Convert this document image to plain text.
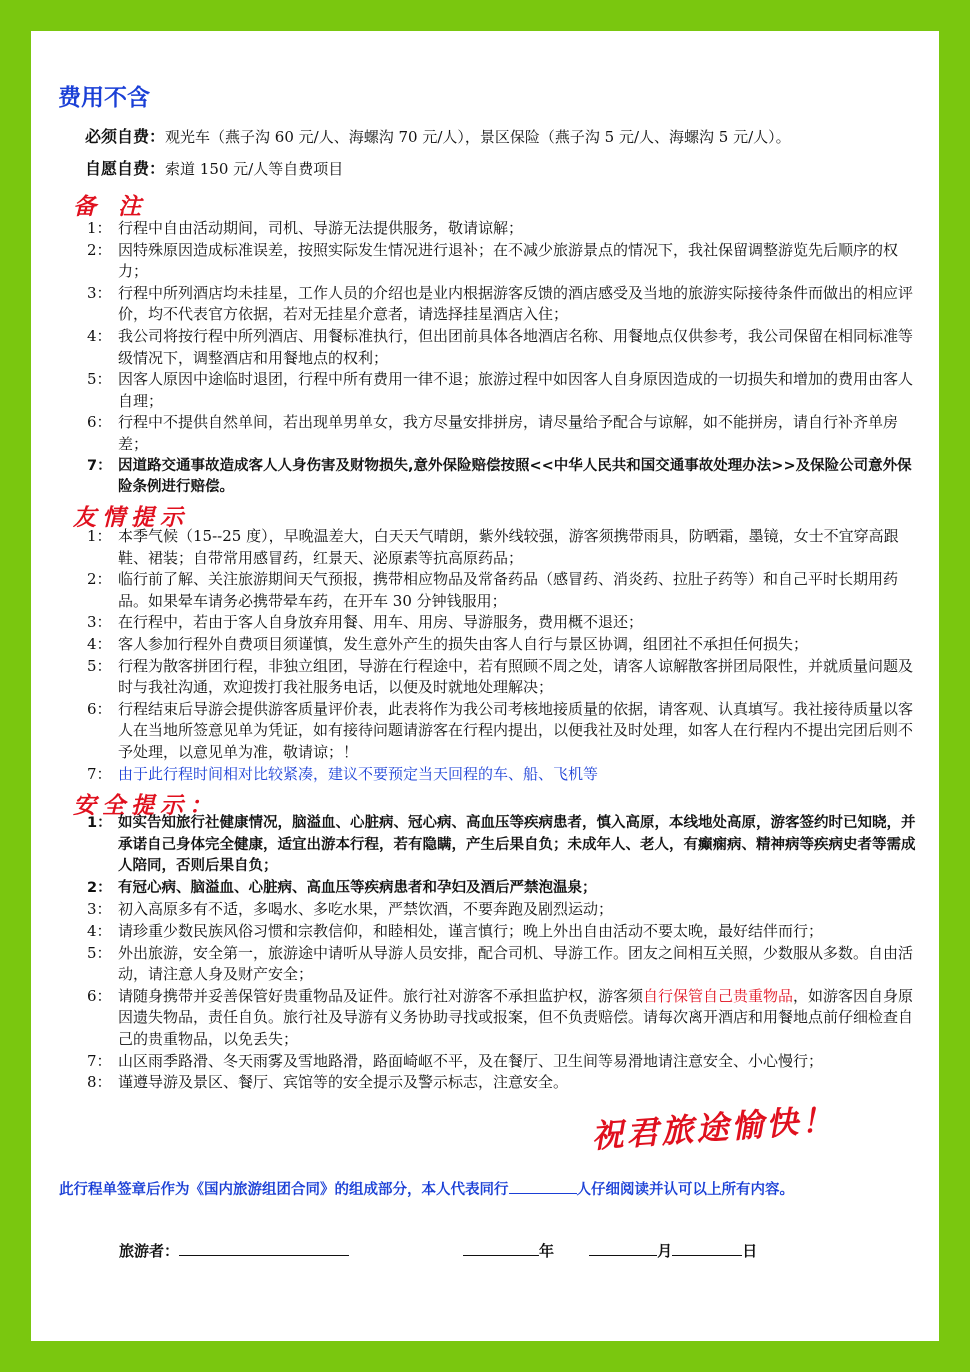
费用不含
必须自费：观光车（燕子沟 60 元/人、海螺沟 70 元/人），景区保险（燕子沟 5 元/人、海螺沟 5 元/人）。
自愿自费：索道 150 元/人等自费项目
备注
1： 行程中自由活动期间，司机、导游无法提供服务，敬请谅解；
2： 因特殊原因造成标准误差，按照实际发生情况进行退补；在不减少旅游景点的情况下，我社保留调整游览先后顺序的权力；
3： 行程中所列酒店均未挂星，工作人员的介绍也是业内根据游客反馈的酒店感受及当地的旅游实际接待条件而做出的相应评价，均不代表官方依据，若对无挂星介意者，请选择挂星酒店入住；
4： 我公司将按行程中所列酒店、用餐标准执行，但出团前具体各地酒店名称、用餐地点仅供参考，我公司保留在相同标准等级情况下，调整酒店和用餐地点的权利；
5： 因客人原因中途临时退团，行程中所有费用一律不退；旅游过程中如因客人自身原因造成的一切损失和增加的费用由客人自理；
6： 行程中不提供自然单间，若出现单男单女，我方尽量安排拼房，请尽量给予配合与谅解，如不能拼房，请自行补齐单房差；
7： 因道路交通事故造成客人人身伤害及财物损失,意外保险赔偿按照<<中华人民共和国交通事故处理办法>>及保险公司意外保险条例进行赔偿。
友情提示
1： 本季气候（15--25 度），早晚温差大，白天天气晴朗，紫外线较强，游客须携带雨具，防晒霜，墨镜，女士不宜穿高跟鞋、裙装；自带常用感冒药，红景天、泌原素等抗高原药品；
2： 临行前了解、关注旅游期间天气预报，携带相应物品及常备药品（感冒药、消炎药、拉肚子药等）和自己平时长期用药品。如果晕车请务必携带晕车药，在开车 30 分钟钱服用；
3： 在行程中，若由于客人自身放弃用餐、用车、用房、导游服务，费用概不退还；
4： 客人参加行程外自费项目须谨慎，发生意外产生的损失由客人自行与景区协调，组团社不承担任何损失；
5： 行程为散客拼团行程，非独立组团，导游在行程途中，若有照顾不周之处，请客人谅解散客拼团局限性，并就质量问题及时与我社沟通，欢迎拨打我社服务电话，以便及时就地处理解决；
6： 行程结束后导游会提供游客质量评价表，此表将作为我公司考核地接质量的依据，请客观、认真填写。我社接待质量以客人在当地所签意见单为凭证，如有接待问题请游客在行程内提出，以便我社及时处理，如客人在行程内不提出完团后则不予处理，以意见单为准，敬请谅；！
7： 由于此行程时间相对比较紧凑，建议不要预定当天回程的车、船、飞机等
安全提示：
1： 如实告知旅行社健康情况，脑溢血、心脏病、冠心病、高血压等疾病患者，慎入高原，本线地处高原，游客签约时已知晓，并承诺自己身体完全健康，适宜出游本行程，若有隐瞒，产生后果自负；未成年人、老人，有癫痫病、精神病等疾病史者等需成人陪同，否则后果自负；
2： 有冠心病、脑溢血、心脏病、高血压等疾病患者和孕妇及酒后严禁泡温泉；
3： 初入高原多有不适，多喝水、多吃水果，严禁饮酒，不要奔跑及剧烈运动；
4： 请珍重少数民族风俗习惯和宗教信仰，和睦相处，谨言慎行；晚上外出自由活动不要太晚，最好结伴而行；
5： 外出旅游，安全第一，旅游途中请听从导游人员安排，配合司机、导游工作。团友之间相互关照，少数服从多数。自由活动，请注意人身及财产安全；
6： 请随身携带并妥善保管好贵重物品及证件。旅行社对游客不承担监护权，游客须自行保管自己贵重物品，如游客因自身原因遗失物品，责任自负。旅行社及导游有义务协助寻找或报案，但不负责赔偿。请每次离开酒店和用餐地点前仔细检查自己的贵重物品，以免丢失；
7： 山区雨季路滑、冬天雨雾及雪地路滑，路面崎岖不平，及在餐厅、卫生间等易滑地请注意安全、小心慢行；
8： 谨遵导游及景区、餐厅、宾馆等的安全提示及警示标志，注意安全。
祝君旅途愉快！
此行程单签章后作为《国内旅游组团合同》的组成部分，本人代表同行	人仔细阅读并认可以上所有内容。
旅游者：	年	月	日
